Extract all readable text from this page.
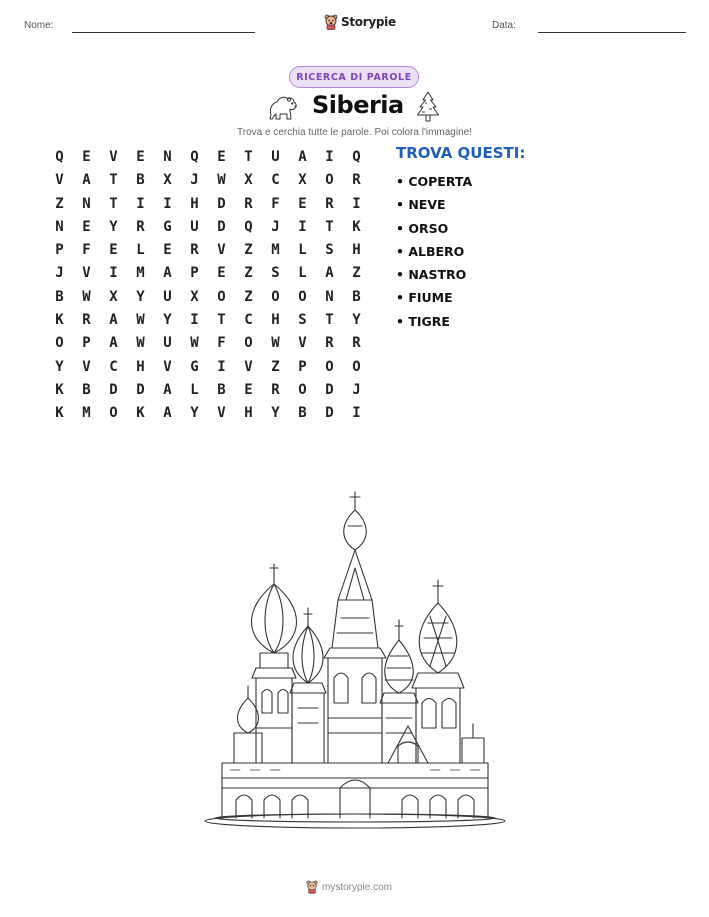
Nome:	Data:
Storypie
RICERCA DI PAROLE
Siberia
Trova e cerchia tutte le parole. Poi colora l'immagine!
Q	E	V	E	N	Q	E	T	U	A	I	Q
V	A	T	B	X	J	W	X	C	X	O	R
Z	N	T	I	I	H	D	R	F	E	R	I
N	E	Y	R	G	U	D	Q	J	I	T	K
P	F	E	L	E	R	V	Z	M	L	S	H
J	V	I	M	A	P	E	Z	S	L	A	Z
B	W	X	Y	U	X	O	Z	O	O	N	B
K	R	A	W	Y	I	T	C	H	S	T	Y
O	P	A	W	U	W	F	O	W	V	R	R
Y	V	C	H	V	G	I	V	Z	P	O	O
K	B	D	D	A	L	B	E	R	O	D	J
K	M	O	K	A	Y	V	H	Y	B	D	I
TROVA QUESTI:
• COPERTA
• NEVE
• ORSO
• ALBERO
• NASTRO
• FIUME
• TIGRE
mystorypie.com
